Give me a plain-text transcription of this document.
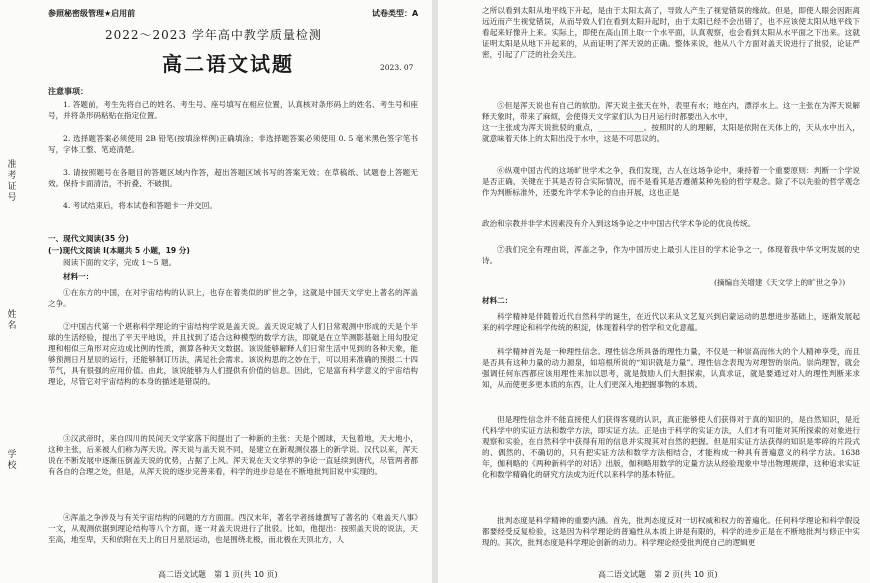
准考证号
姓名
学校
参照秘密级管理★启用前	试卷类型：A
2022～2023 学年高中教学质量检测
高二语文试题	2023. 07
注意事项：
1. 答题前，考生先将自己的姓名、考生号、座号填写在相应位置，认真核对条形码上的姓名、考生号和座号，并将条形码粘贴在指定位置。
2. 选择题答案必须使用 2B 铅笔(按填涂样例)正确填涂；非选择题答案必须使用 0. 5 毫米黑色签字笔书写，字体工整、笔迹清楚。
3. 请按照题号在各题目的答题区域内作答，超出答题区域书写的答案无效；在草稿纸、试题卷上答题无效。保持卡面清洁，不折叠、不破损。
4. 考试结束后，将本试卷和答题卡一并交回。
一、现代文阅读(35 分)
(一)现代文阅读 I(本题共 5 小题，19 分)
阅读下面的文字，完成 1～5 题。
材料一：
①在东方的中国，在对宇宙结构的认识上，也存在着类似的旷世之争，这就是中国天文学史上著名的浑盖之争。
②中国古代第一个堪称科学理论的宇宙结构学说是盖天说。盖天说定城了人们日常观测中形成的天是个半球的生活经验，提出了平天平地说，并且找到了适合这种模型的数学方法，即就是在立竿测影基础上用勾股定理和相似三角形对应边成比例的性质，测算各种天文数据。该说能够解释人们日常生活中见到的各种天象，能够预测日月星辰的运行，还能够制订历法，满足社会需求。该说构思的之妙在于，可以用来准确的预报二十四节气，具有很强的应用价值。由此，该说能够为人们提供有价值的信息。因此，它是富有科学意义的宇宙结构理论，尽管它对宇宙结构的本身的描述是错误的。
③汉武帝时，来自四川的民间天文学家落下闳提出了一种新的主张：天是个圆球，天包着地，天大地小，这种主张，后来被人们称为浑天说。浑天说与盖天说不同，是建立在新观测仪器上的新学说。汉代以来，浑天说在不断发展中逐渐压倒盖天说的优势，占据了上风。浑天说在天文学界的争论一直延续到唐代，尽管两者都有各自的合理之处，但是，从浑天说的逐步完善来看，科学的进步总是在不断地批判旧说中实现的。
④浑盖之争涉及与有关宇宙结构的问题的方方面面。西汉末年，著名学者扬雄撰写了著名的《难盖天八事》一文，从观测依据到理论结构等八个方面，逐一对盖天说进行了批驳。比如，他提出：按照盖天说的说法，天至高，地至卑，天和依附在天上的日月星辰运动，也是围绕北极，而北极在天顶北方，人
高二语文试题　第 1 页(共 10 页)
之所以看到太阳从地平线下升起，是由于太阳太高了，导致人产生了视觉错误的缘故。但是，即使人眼会因距离远近而产生视觉错误，从而导致人们在看到太阳升起时，由于太阳已经不会出错了，也不应该使太阳从地平线下看起来好像升上来。实际上，即使在高山顶上取一个水平面，认真观察，也会看到太阳从水平面之下出来。这就证明太阳是从地下升起来的，从而证明了浑天说的正确。整体来说，他从八个方面对盖天说进行了批驳，论证严密，引起了广泛的社会关注。
⑤但是浑天说也有自己的软肋。浑天说主张天在外，表里有水；地在内，漂浮水上。这一主张在为浑天说解释天象时，带来了麻烦，会使得天文学家们认为日月运行时都要出入水中，
这一主张成为浑天说批驳的重点，____________。按照时的人的理解，太阳是依附在天体上的，天从水中出入，就意味着天体上的太阳出没于水中，这是不可思议的。
⑥纵观中国古代的这场旷世学术之争，我们发现，古人在这场争论中，秉持着一个重要原则：判断一个学说是否正确，关键在于其是否符合实际情况，而不是看其是否遵循某种先验的哲学观念。除了不以先验的哲学观念作为判断标准外，还要允许学术争论的自由开展，这也正是
政治和宗教并非学术因素没有介入到这场争论之中中国古代学术争论的优良传统。
⑦我们完全有理由说，浑盖之争，作为中国历史上最引人注目的学术论争之一，体现着我中华文明发展的史诗。
(摘编自关增建《天文学上的旷世之争》)
材料二：
科学精神是伴随着近代自然科学的诞生，在近代以来从文艺复兴到启蒙运动的思想进步基础上，逐渐发展起来的科学理论和科学传统的积淀，体现着科学的哲学和文化意蕴。
科学精神首先是一种理性信念。理性信念所具备的理性力量，不仅是一种崇高而伟大的个人精神享受，而且是否具有这种力量的动力源泉，如培根所说的“知识就是力量”。理性信念表现为对理智的崇尚。崇尚理智，就会强调任何东西都应该用理性来加以思考，就是鼓励人们大胆探索，认真求证，就是要通过对人的理性判断来求知，从而使更多更本质的东西，让人们更深入地把握事物的本质。
但是理性信念并不能直接使人们获得客观的认识，真正能够使人们获得对于真的知识的，是自然知识，是近代科学中的实证方法和数学方法，即实证方法。正是由于科学的实证方法，人们才有可能对其所探索的对象进行观察和实验，在自然科学中获得有用的信息并实现其对自然的把握。但是用实证方法获得的知识是零碎的片段式的、偶然的、不确切的，只有把实证方法和数学方法相结合，才能构成一种具有普遍意义的科学方法。1638 年，伽利略的《两种新科学的对话》出版，伽利略用数学的定量方法从经验现象中导出物理规律，这种追求实证化和数学精确化的研究方法成为近代以来科学的基本特征。
批判态度是科学精神的重要内涵。首先，批判态度反对一切权威和权力的普遍化。任何科学理论和科学假设都要经受反复检验，这是因为科学理论的普遍性从本质上讲是有限的，科学的进步正是在不断地批判与修正中实现的。其次，批判态度是科学理论创新的动力。科学理论经受批判使自己的逻辑更
高二语文试题　第 2 页(共 10 页)
